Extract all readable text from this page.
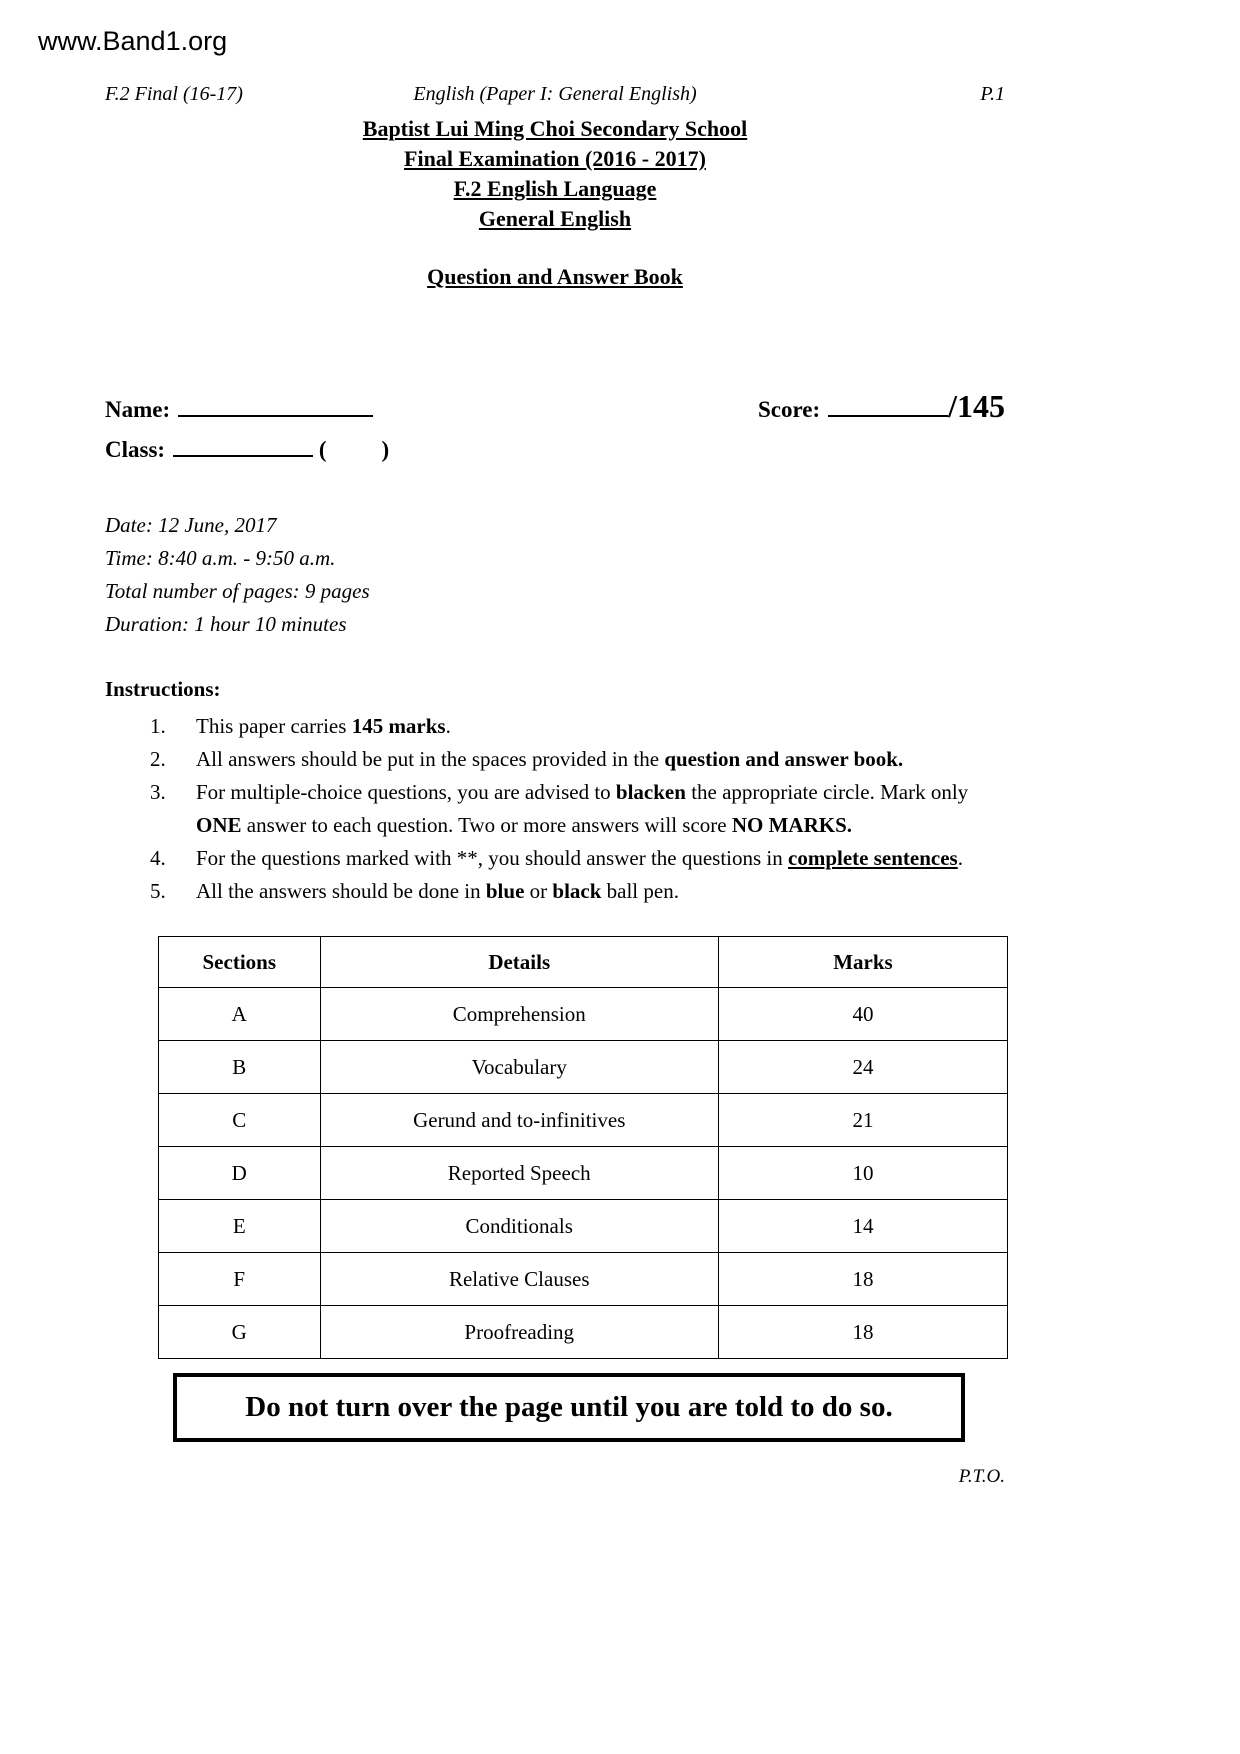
www.Band1.org
F.2 Final (16-17)	English (Paper I: General English)	P.1
Baptist Lui Ming Choi Secondary School
Final Examination (2016 - 2017)
F.2 English Language
General English
Question and Answer Book
Name:	Score:	/145
Class:	( )
Date: 12 June, 2017
Time: 8:40 a.m. - 9:50 a.m.
Total number of pages: 9 pages
Duration: 1 hour 10 minutes
Instructions:
1.	This paper carries 145 marks.
2.	All answers should be put in the spaces provided in the question and answer book.
3.	For multiple-choice questions, you are advised to blacken the appropriate circle. Mark only ONE answer to each question. Two or more answers will score NO MARKS.
4.	For the questions marked with **, you should answer the questions in complete sentences.
5.	All the answers should be done in blue or black ball pen.
Sections	Details	Marks
A	Comprehension	40
B	Vocabulary	24
C	Gerund and to-infinitives	21
D	Reported Speech	10
E	Conditionals	14
F	Relative Clauses	18
G	Proofreading	18
Do not turn over the page until you are told to do so.
P.T.O.
